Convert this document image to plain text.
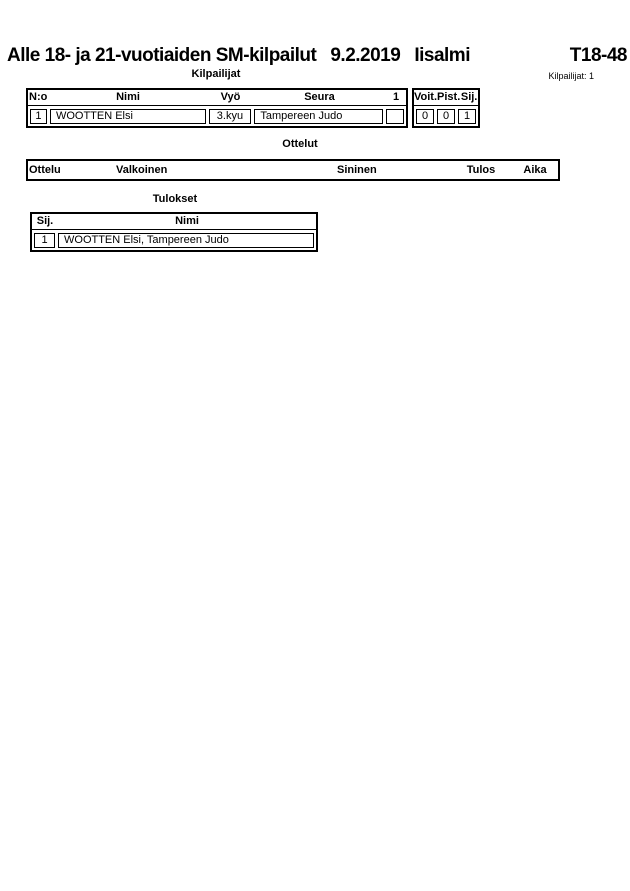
Alle 18- ja 21-vuotiaiden SM-kilpailut 9.2.2019 Iisalmi	T18-48
Kilpailijat	Kilpailijat: 1
N:o	Nimi	Vyö	Seura	1
1	WOOTTEN Elsi	3.kyu	Tampereen Judo
Voit. Pist. Sij.
0	0	1
Ottelut
Ottelu	Valkoinen	Sininen	Tulos	Aika
Tulokset
Sij.	Nimi
1	WOOTTEN Elsi, Tampereen Judo
